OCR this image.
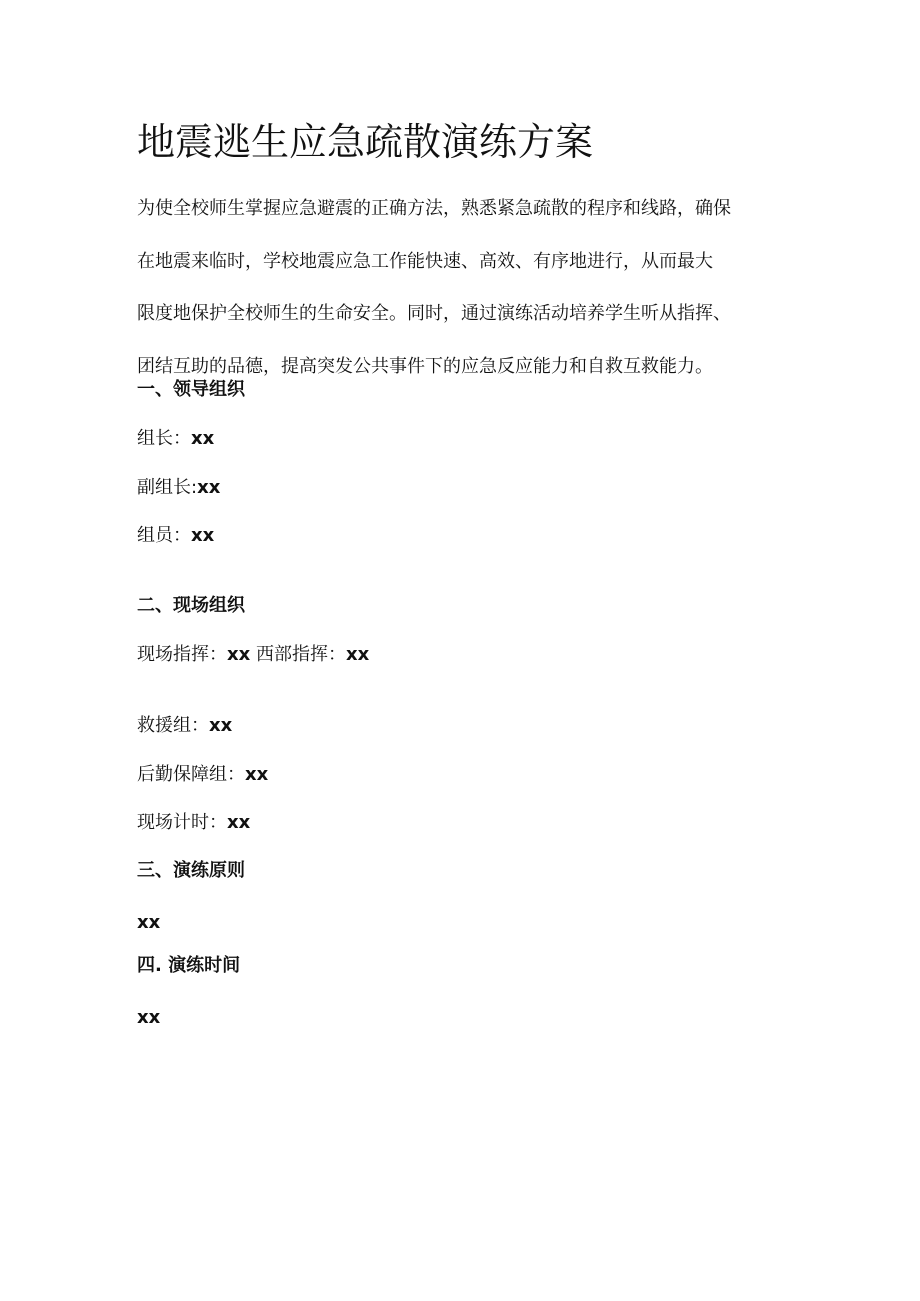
地震逃生应急疏散演练方案
为使全校师生掌握应急避震的正确方法，熟悉紧急疏散的程序和线路，确保
在地震来临时，学校地震应急工作能快速、高效、有序地进行，从而最大
限度地保护全校师生的生命安全。同时，通过演练活动培养学生听从指挥、
团结互助的品德，提高突发公共事件下的应急反应能力和自救互救能力。
一、领导组织
组长：xx
副组长:xx
组员：xx
二、现场组织
现场指挥：xx 西部指挥：xx
救援组：xx
后勤保障组：xx
现场计时：xx
三、演练原则
xx
四. 演练时间
xx
